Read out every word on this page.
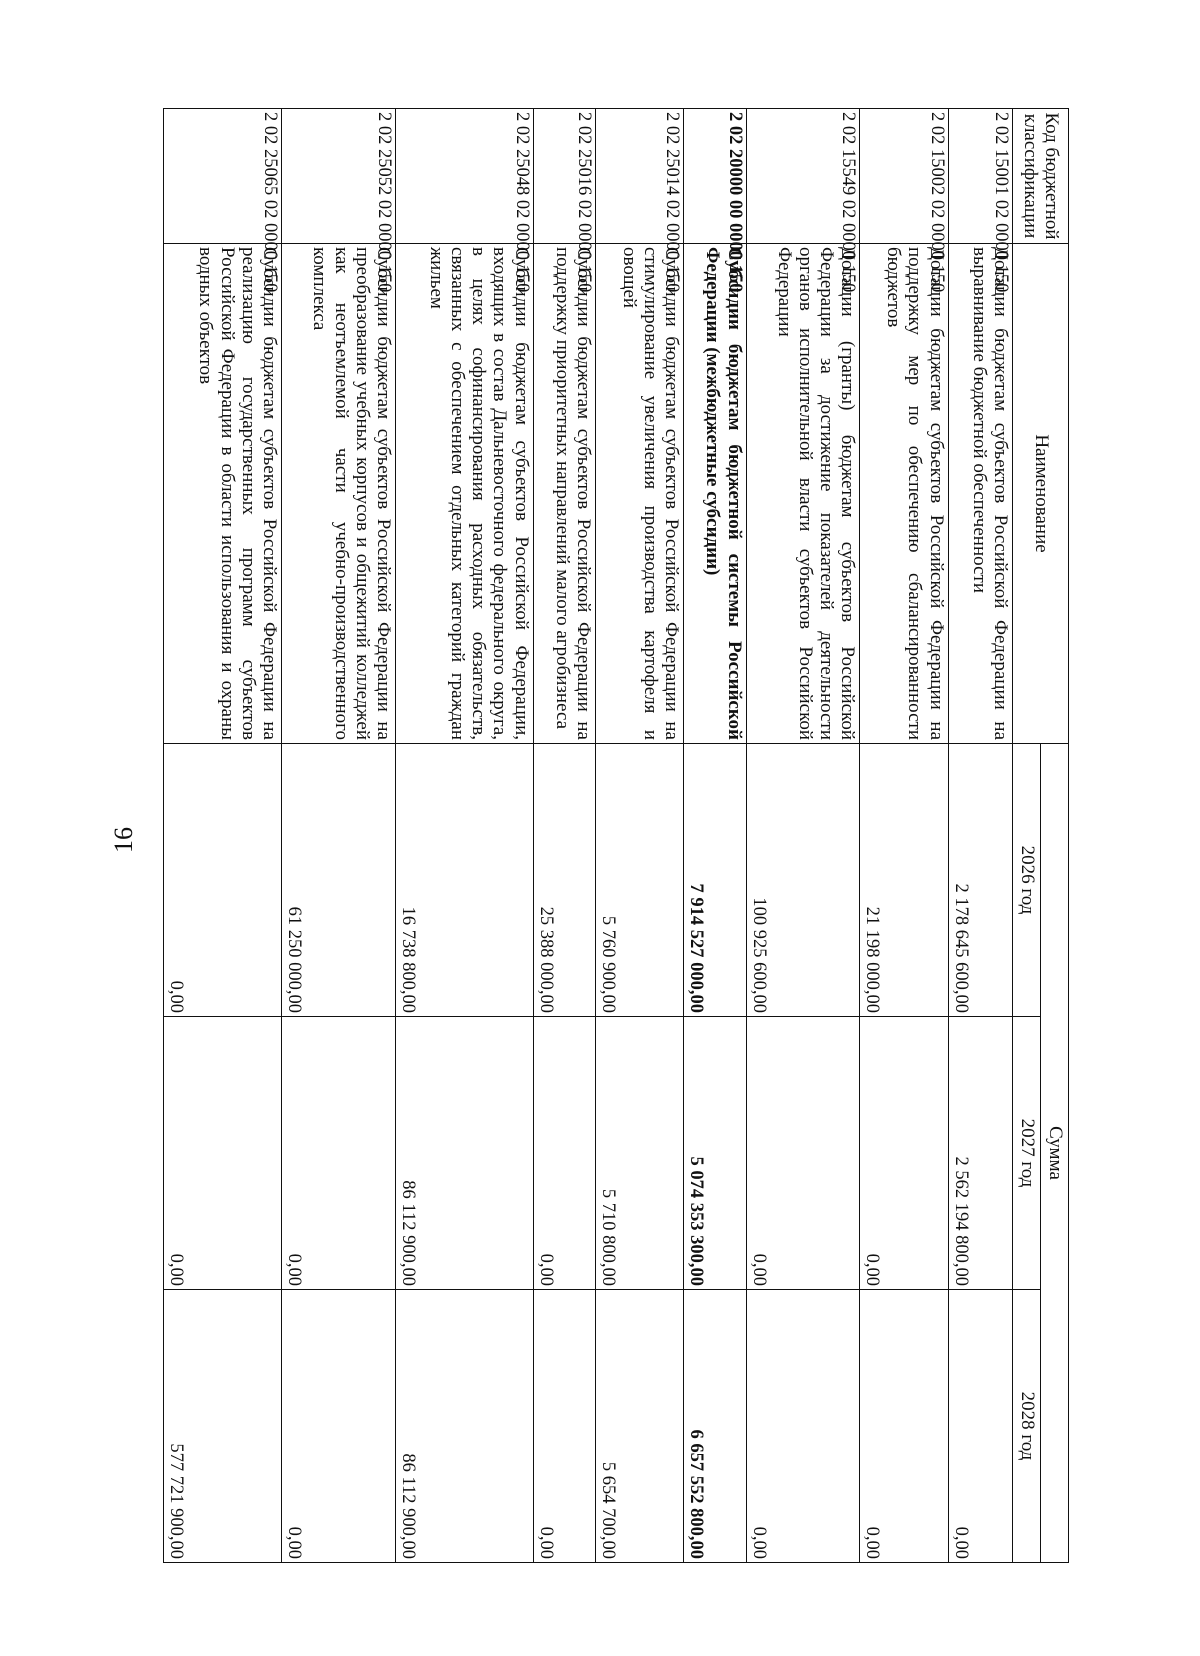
16
Код бюджетной классификации	Наименование	Сумма		
		2026 год	2027 год	2028 год
2 02 15001 02 0000 150	Дотации бюджетам субъектов Российской Федерации на выравнивание бюджетной обеспеченности	2 178 645 600,00	2 562 194 800,00	0,00
2 02 15002 02 0000 150	Дотации бюджетам субъектов Российской Федерации на поддержку мер по обеспечению сбалансированности бюджетов	21 198 000,00	0,00	0,00
2 02 15549 02 0000 150	Дотации (гранты) бюджетам субъектов Российской Федерации за достижение показателей деятельности органов исполнительной власти субъектов Российской Федерации	100 925 600,00	0,00	0,00
2 02 20000 00 0000 150	Субсидии бюджетам бюджетной системы Российской Федерации (межбюджетные субсидии)	7 914 527 000,00	5 074 353 300,00	6 657 552 800,00
2 02 25014 02 0000 150	Субсидии бюджетам субъектов Российской Федерации на стимулирование увеличения производства картофеля и овощей	5 760 900,00	5 710 800,00	5 654 700,00
2 02 25016 02 0000 150	Субсидии бюджетам субъектов Российской Федерации на поддержку приоритетных направлений малого агробизнеса	25 388 000,00	0,00	0,00
2 02 25048 02 0000 150	Субсидии бюджетам субъектов Российской Федерации, входящих в состав Дальневосточного федерального округа, в целях софинансирования расходных обязательств, связанных с обеспечением отдельных категорий граждан жильем	16 738 800,00	86 112 900,00	86 112 900,00
2 02 25052 02 0000 150	Субсидии бюджетам субъектов Российской Федерации на преобразование учебных корпусов и общежитий колледжей как неотъемлемой части учебно-производственного комплекса	61 250 000,00	0,00	0,00
2 02 25065 02 0000 150	Субсидии бюджетам субъектов Российской Федерации на реализацию государственных программ субъектов Российской Федерации в области использования и охраны водных объектов	0,00	0,00	577 721 900,00
